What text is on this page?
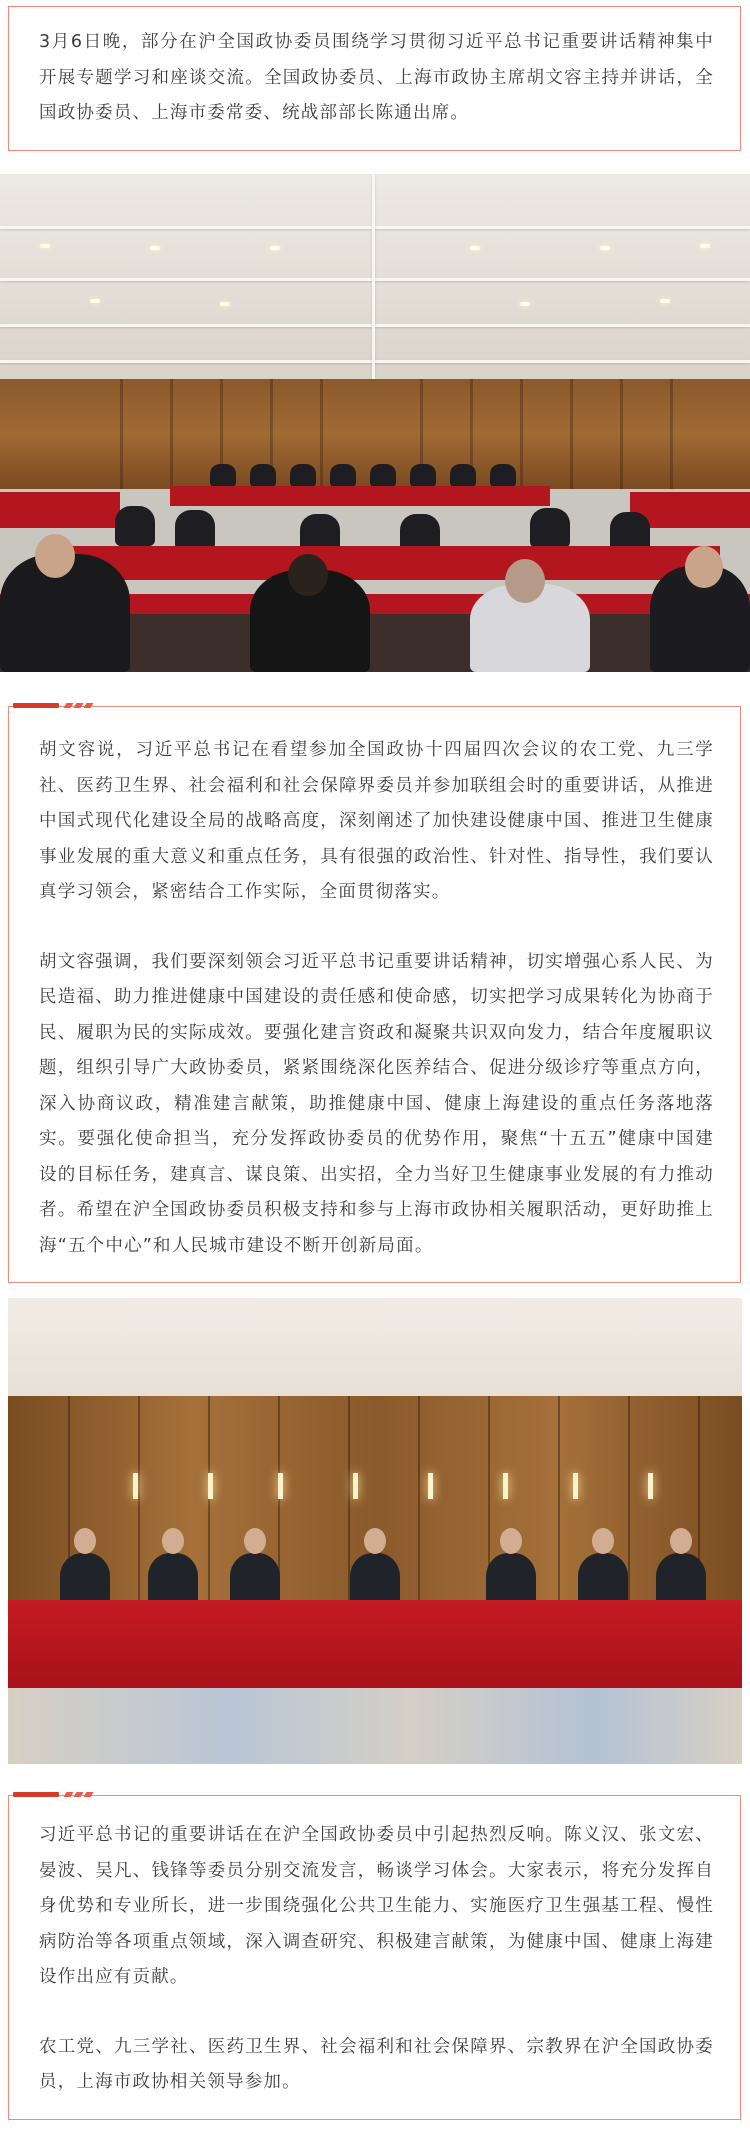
3月6日晚，部分在沪全国政协委员围绕学习贯彻习近平总书记重要讲话精神集中开展专题学习和座谈交流。全国政协委员、上海市政协主席胡文容主持并讲话，全国政协委员、上海市委常委、统战部部长陈通出席。

胡文容说，习近平总书记在看望参加全国政协十四届四次会议的农工党、九三学社、医药卫生界、社会福利和社会保障界委员并参加联组会时的重要讲话，从推进中国式现代化建设全局的战略高度，深刻阐述了加快建设健康中国、推进卫生健康事业发展的重大意义和重点任务，具有很强的政治性、针对性、指导性，我们要认真学习领会，紧密结合工作实际，全面贯彻落实。

胡文容强调，我们要深刻领会习近平总书记重要讲话精神，切实增强心系人民、为民造福、助力推进健康中国建设的责任感和使命感，切实把学习成果转化为协商于民、履职为民的实际成效。要强化建言资政和凝聚共识双向发力，结合年度履职议题，组织引导广大政协委员，紧紧围绕深化医养结合、促进分级诊疗等重点方向，深入协商议政，精准建言献策，助推健康中国、健康上海建设的重点任务落地落实。要强化使命担当，充分发挥政协委员的优势作用，聚焦“十五五”健康中国建设的目标任务，建真言、谋良策、出实招，全力当好卫生健康事业发展的有力推动者。希望在沪全国政协委员积极支持和参与上海市政协相关履职活动，更好助推上海“五个中心”和人民城市建设不断开创新局面。

习近平总书记的重要讲话在在沪全国政协委员中引起热烈反响。陈义汉、张文宏、晏波、吴凡、钱锋等委员分别交流发言，畅谈学习体会。大家表示，将充分发挥自身优势和专业所长，进一步围绕强化公共卫生能力、实施医疗卫生强基工程、慢性病防治等各项重点领域，深入调查研究、积极建言献策，为健康中国、健康上海建设作出应有贡献。

农工党、九三学社、医药卫生界、社会福利和社会保障界、宗教界在沪全国政协委员，上海市政协相关领导参加。
